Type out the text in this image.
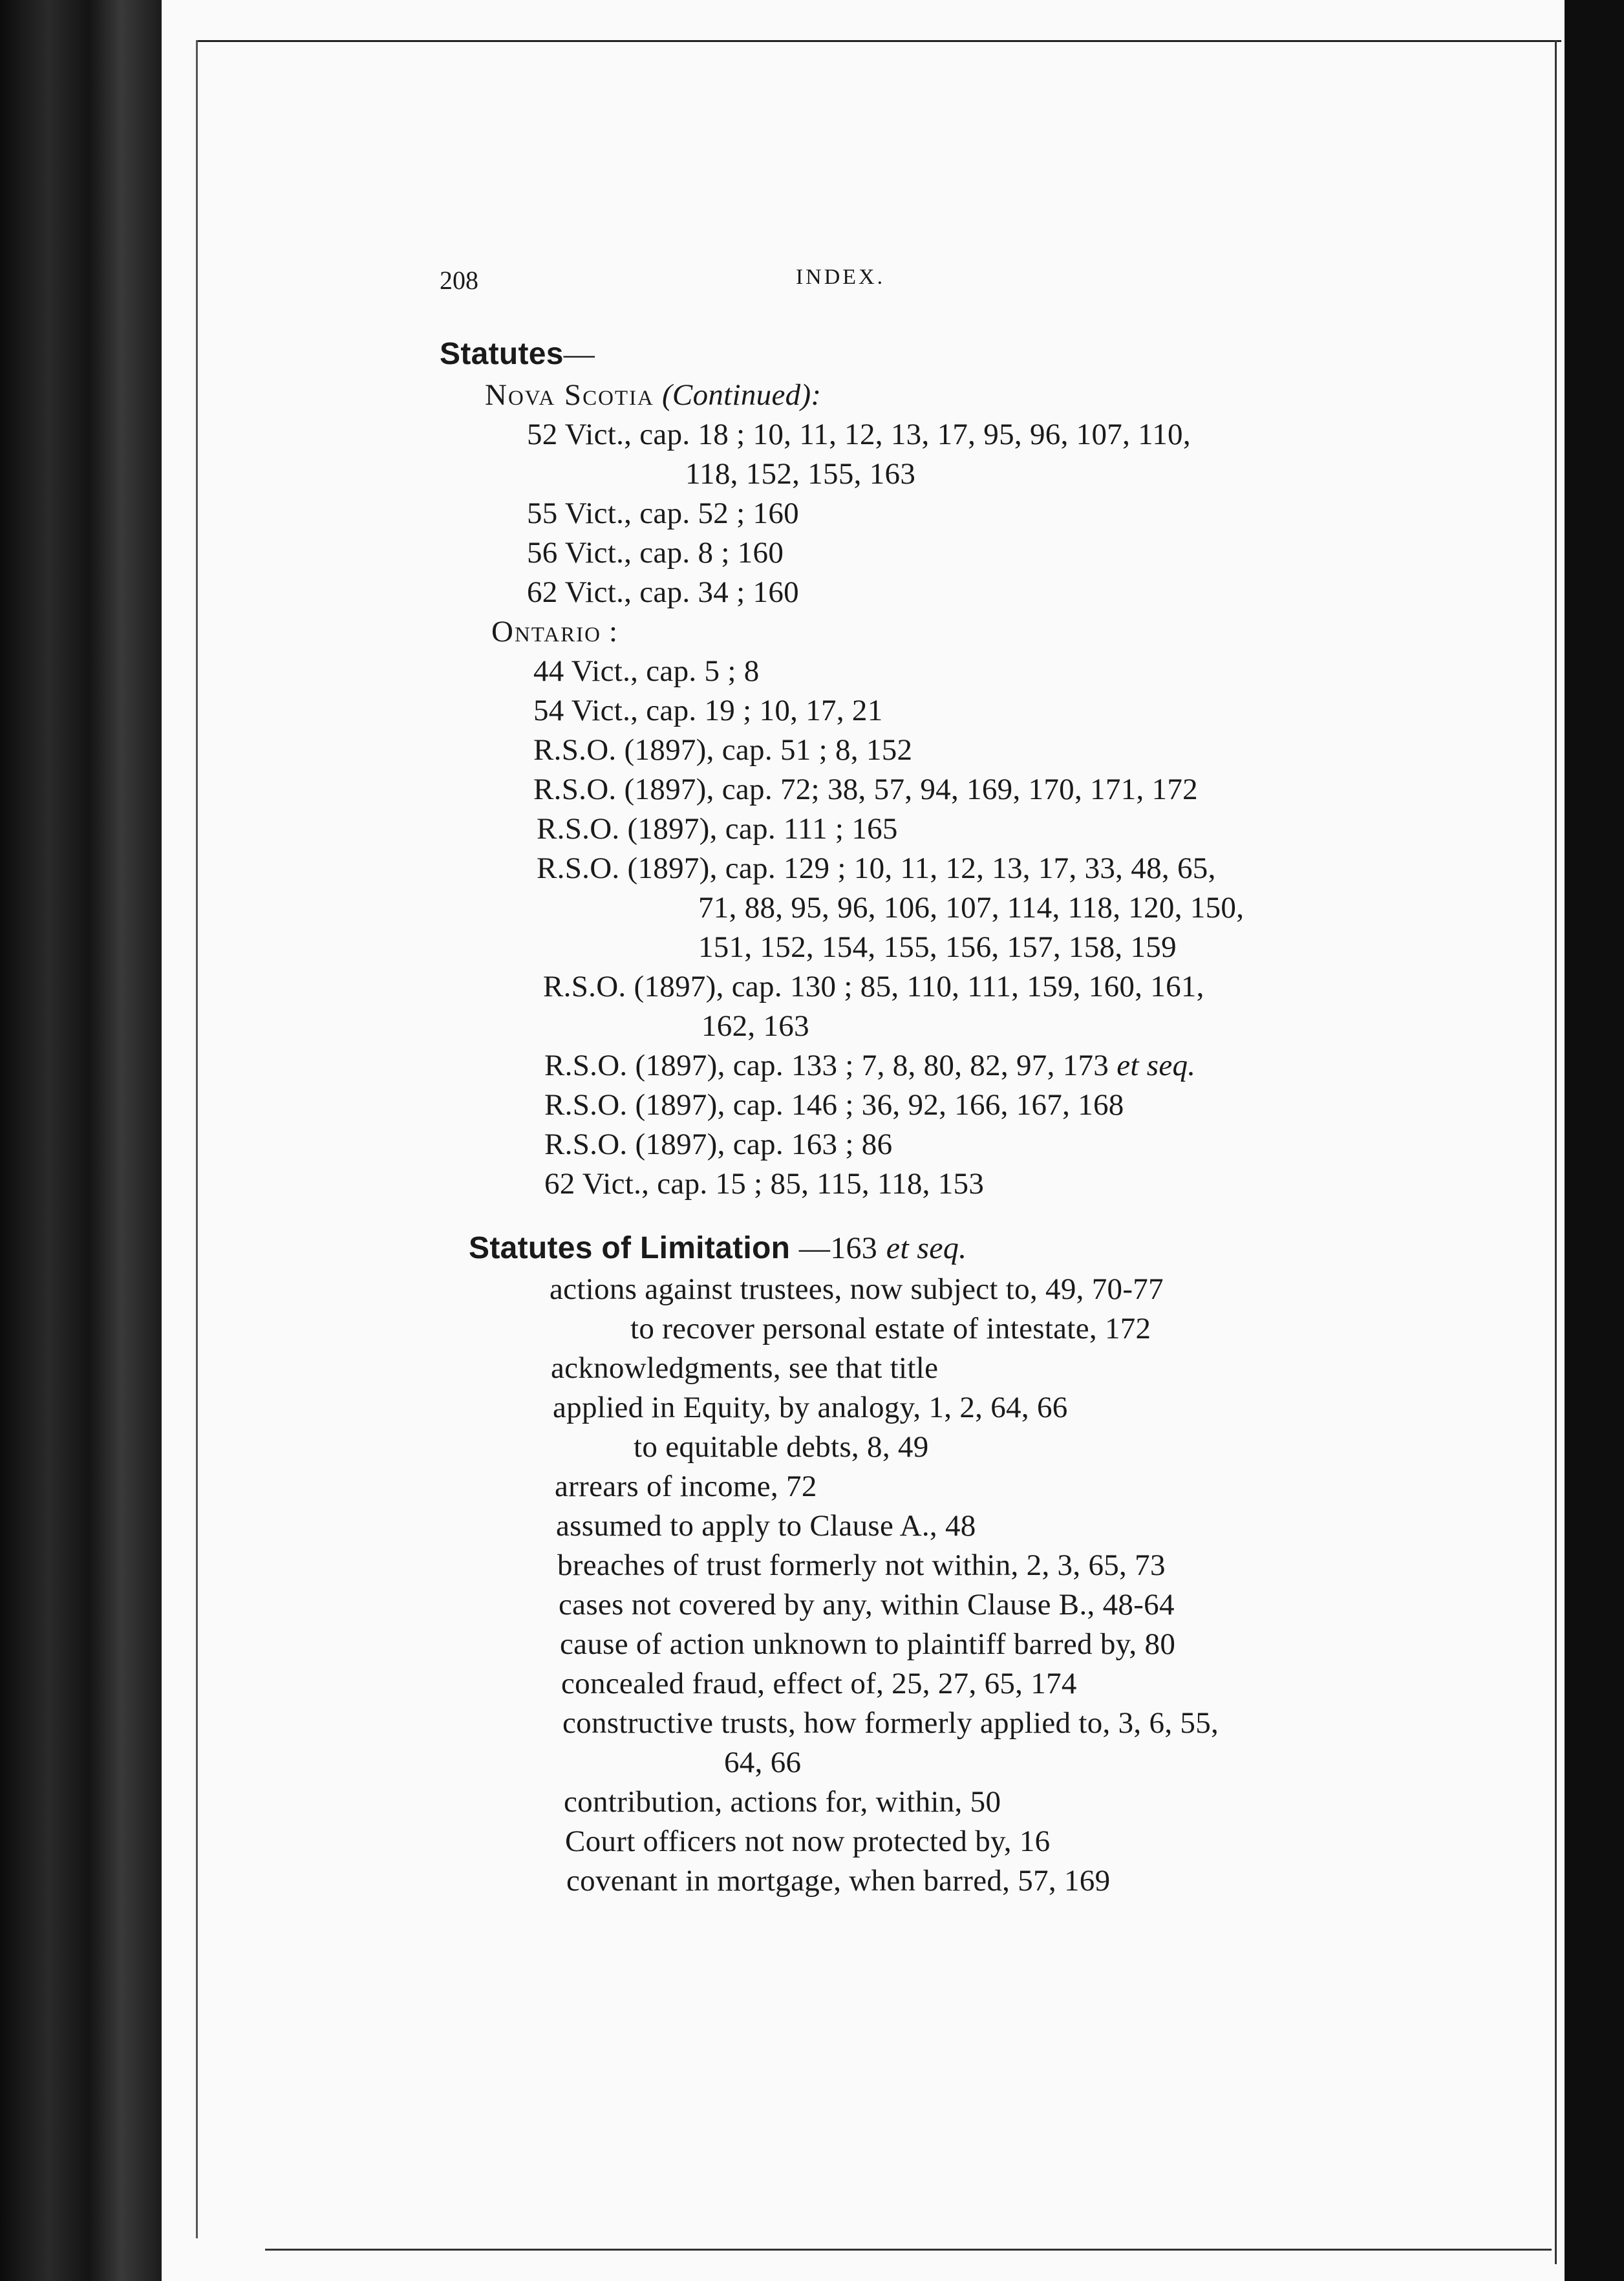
208	INDEX.
Statutes—
Nova Scotia (Continued):
52 Vict., cap. 18 ; 10, 11, 12, 13, 17, 95, 96, 107, 110,
118, 152, 155, 163
55 Vict., cap. 52 ; 160
56 Vict., cap. 8 ; 160
62 Vict., cap. 34 ; 160
Ontario :
44 Vict., cap. 5 ; 8
54 Vict., cap. 19 ; 10, 17, 21
R.S.O. (1897), cap. 51 ; 8, 152
R.S.O. (1897), cap. 72; 38, 57, 94, 169, 170, 171, 172
R.S.O. (1897), cap. 111 ; 165
R.S.O. (1897), cap. 129 ; 10, 11, 12, 13, 17, 33, 48, 65,
71, 88, 95, 96, 106, 107, 114, 118, 120, 150,
151, 152, 154, 155, 156, 157, 158, 159
R.S.O. (1897), cap. 130 ; 85, 110, 111, 159, 160, 161,
162, 163
R.S.O. (1897), cap. 133 ; 7, 8, 80, 82, 97, 173 et seq.
R.S.O. (1897), cap. 146 ; 36, 92, 166, 167, 168
R.S.O. (1897), cap. 163 ; 86
62 Vict., cap. 15 ; 85, 115, 118, 153
Statutes of Limitation —163 et seq.
actions against trustees, now subject to, 49, 70-77
to recover personal estate of intestate, 172
acknowledgments, see that title
applied in Equity, by analogy, 1, 2, 64, 66
to equitable debts, 8, 49
arrears of income, 72
assumed to apply to Clause A., 48
breaches of trust formerly not within, 2, 3, 65, 73
cases not covered by any, within Clause B., 48-64
cause of action unknown to plaintiff barred by, 80
concealed fraud, effect of, 25, 27, 65, 174
constructive trusts, how formerly applied to, 3, 6, 55,
64, 66
contribution, actions for, within, 50
Court officers not now protected by, 16
covenant in mortgage, when barred, 57, 169
